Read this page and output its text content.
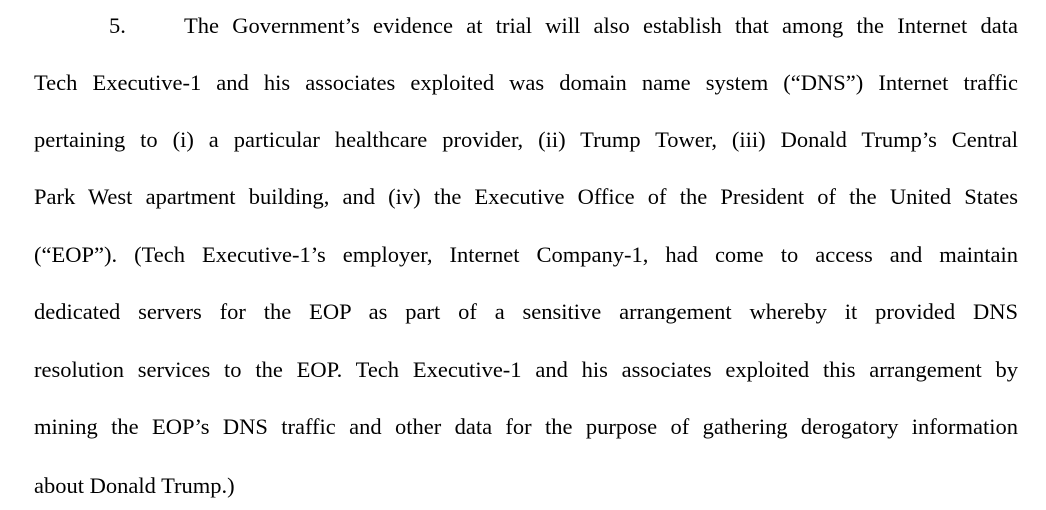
5.	The Government’s evidence at trial will also establish that among the Internet data
Tech Executive-1 and his associates exploited was domain name system (“DNS”) Internet traffic
pertaining to (i) a particular healthcare provider, (ii) Trump Tower, (iii) Donald Trump’s Central
Park West apartment building, and (iv) the Executive Office of the President of the United States
(“EOP”). (Tech Executive-1’s employer, Internet Company-1, had come to access and maintain
dedicated servers for the EOP as part of a sensitive arrangement whereby it provided DNS
resolution services to the EOP. Tech Executive-1 and his associates exploited this arrangement by
mining the EOP’s DNS traffic and other data for the purpose of gathering derogatory information
about Donald Trump.)
